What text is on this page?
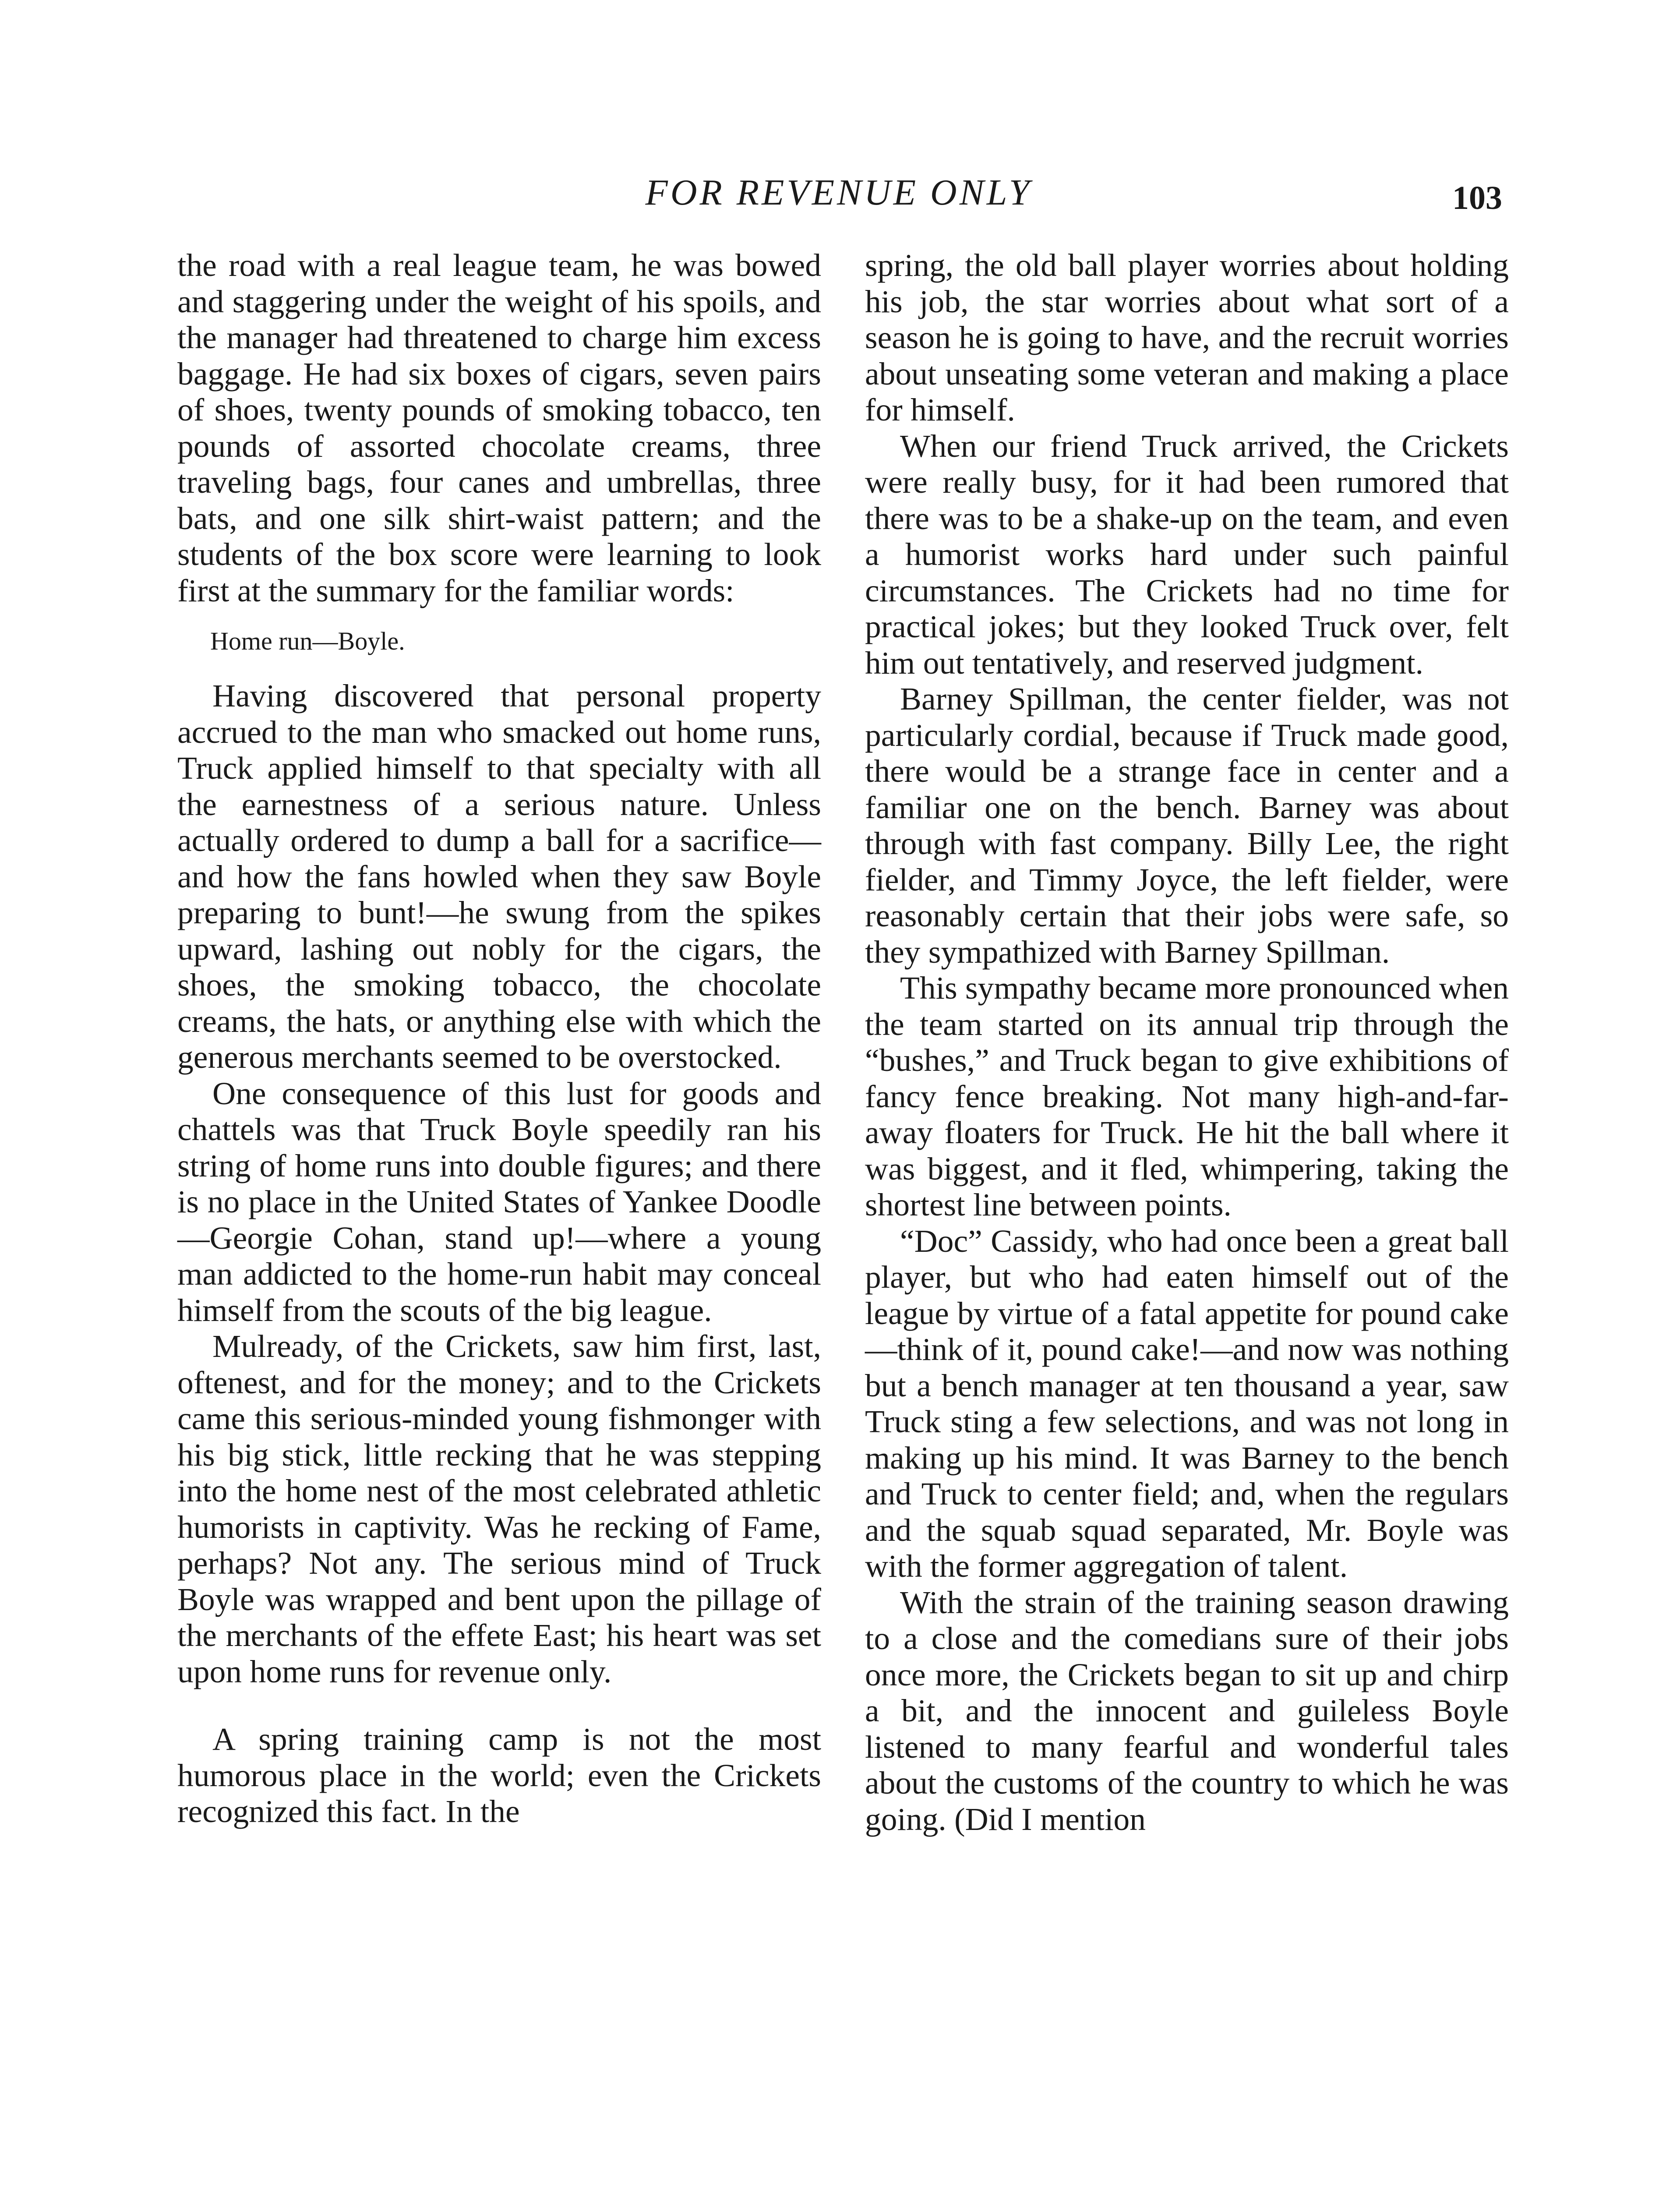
FOR REVENUE ONLY	103

the road with a real league team, he was bowed and staggering under the weight of his spoils, and the manager had threatened to charge him excess baggage. He had six boxes of cigars, seven pairs of shoes, twenty pounds of smoking tobacco, ten pounds of assorted chocolate creams, three traveling bags, four canes and umbrellas, three bats, and one silk shirt-waist pattern; and the students of the box score were learning to look first at the summary for the familiar words:

Home run—Boyle.

Having discovered that personal property accrued to the man who smacked out home runs, Truck applied himself to that specialty with all the earnestness of a serious nature. Unless actually ordered to dump a ball for a sacrifice—and how the fans howled when they saw Boyle preparing to bunt!—he swung from the spikes upward, lashing out nobly for the cigars, the shoes, the smoking tobacco, the chocolate creams, the hats, or anything else with which the generous merchants seemed to be overstocked.

One consequence of this lust for goods and chattels was that Truck Boyle speedily ran his string of home runs into double figures; and there is no place in the United States of Yankee Doodle—Georgie Cohan, stand up!—where a young man addicted to the home-run habit may conceal himself from the scouts of the big league.

Mulready, of the Crickets, saw him first, last, oftenest, and for the money; and to the Crickets came this serious-minded young fishmonger with his big stick, little recking that he was stepping into the home nest of the most celebrated athletic humorists in captivity. Was he recking of Fame, perhaps? Not any. The serious mind of Truck Boyle was wrapped and bent upon the pillage of the merchants of the effete East; his heart was set upon home runs for revenue only.

A spring training camp is not the most humorous place in the world; even the Crickets recognized this fact. In the

spring, the old ball player worries about holding his job, the star worries about what sort of a season he is going to have, and the recruit worries about unseating some veteran and making a place for himself.

When our friend Truck arrived, the Crickets were really busy, for it had been rumored that there was to be a shake-up on the team, and even a humorist works hard under such painful circumstances. The Crickets had no time for practical jokes; but they looked Truck over, felt him out tentatively, and reserved judgment.

Barney Spillman, the center fielder, was not particularly cordial, because if Truck made good, there would be a strange face in center and a familiar one on the bench. Barney was about through with fast company. Billy Lee, the right fielder, and Timmy Joyce, the left fielder, were reasonably certain that their jobs were safe, so they sympathized with Barney Spillman.

This sympathy became more pronounced when the team started on its annual trip through the “bushes,” and Truck began to give exhibitions of fancy fence breaking. Not many high-and-far-away floaters for Truck. He hit the ball where it was biggest, and it fled, whimpering, taking the shortest line between points.

“Doc” Cassidy, who had once been a great ball player, but who had eaten himself out of the league by virtue of a fatal appetite for pound cake—think of it, pound cake!—and now was nothing but a bench manager at ten thousand a year, saw Truck sting a few selections, and was not long in making up his mind. It was Barney to the bench and Truck to center field; and, when the regulars and the squab squad separated, Mr. Boyle was with the former aggregation of talent.

With the strain of the training season drawing to a close and the comedians sure of their jobs once more, the Crickets began to sit up and chirp a bit, and the innocent and guileless Boyle listened to many fearful and wonderful tales about the customs of the country to which he was going. (Did I mention
